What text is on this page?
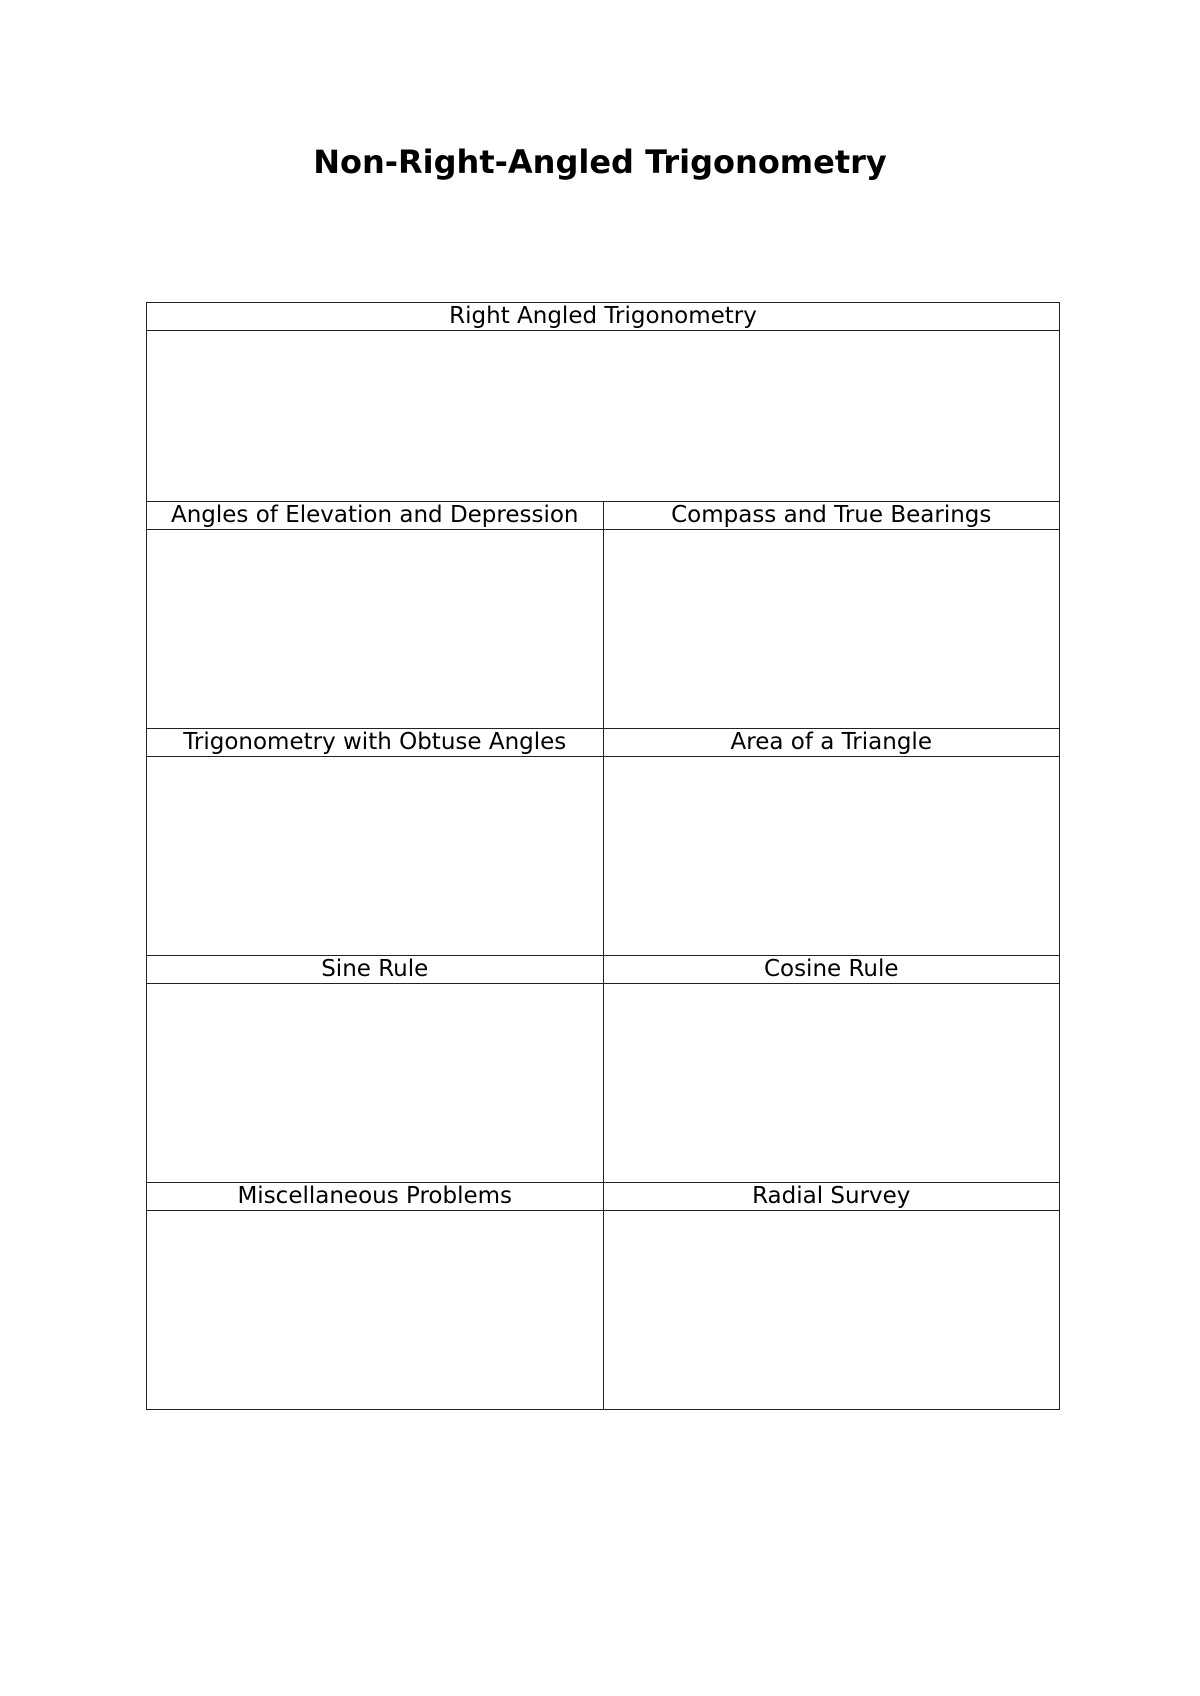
Non-Right-Angled Trigonometry
Right Angled Trigonometry	

Angles of Elevation and Depression	Compass and True Bearings

Trigonometry with Obtuse Angles	Area of a Triangle

Sine Rule	Cosine Rule

Miscellaneous Problems	Radial Survey
